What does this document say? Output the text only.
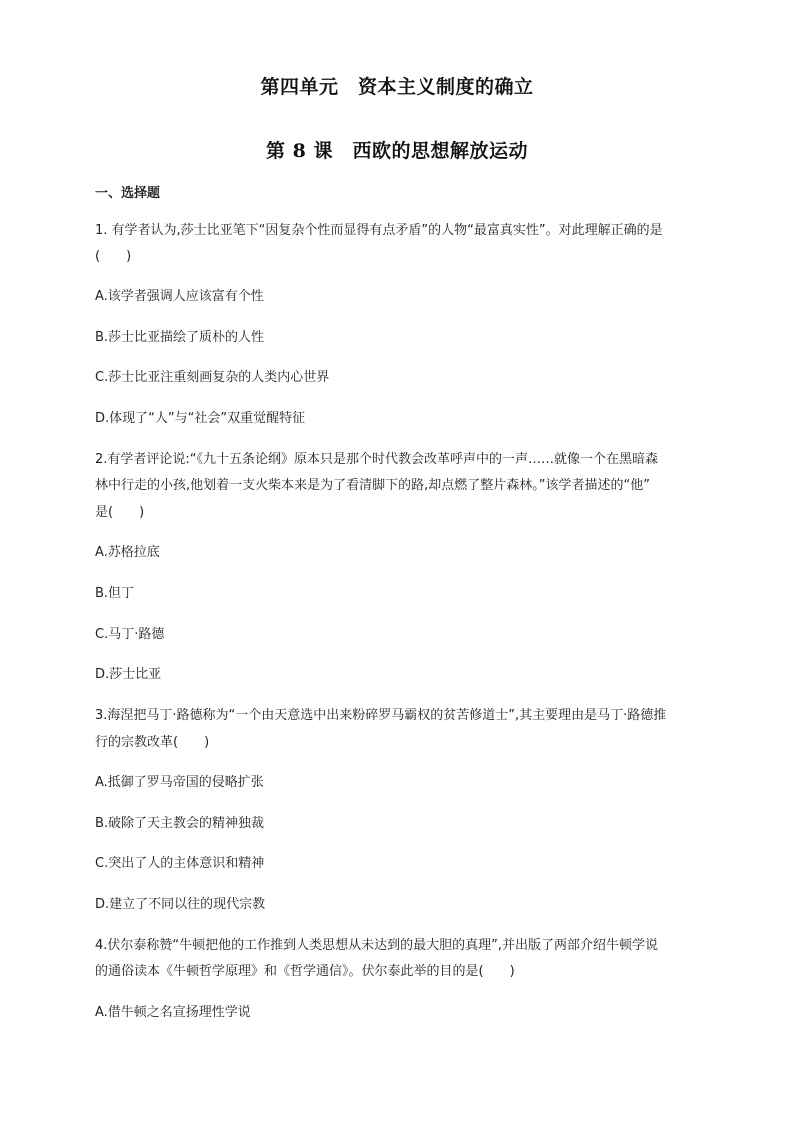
第四单元　资本主义制度的确立
第 8 课　西欧的思想解放运动
一、选择题
1. 有学者认为,莎士比亚笔下“因复杂个性而显得有点矛盾”的人物“最富真实性”。对此理解正确的是
(　　)
A.该学者强调人应该富有个性
B.莎士比亚描绘了质朴的人性
C.莎士比亚注重刻画复杂的人类内心世界
D.体现了“人”与“社会”双重觉醒特征
2.有学者评论说:“《九十五条论纲》原本只是那个时代教会改革呼声中的一声……就像一个在黑暗森
林中行走的小孩,他划着一支火柴本来是为了看清脚下的路,却点燃了整片森林。”该学者描述的“他”
是(　　)
A.苏格拉底
B.但丁
C.马丁·路德
D.莎士比亚
3.海涅把马丁·路德称为“一个由天意选中出来粉碎罗马霸权的贫苦修道士”,其主要理由是马丁·路德推
行的宗教改革(　　)
A.抵御了罗马帝国的侵略扩张
B.破除了天主教会的精神独裁
C.突出了人的主体意识和精神
D.建立了不同以往的现代宗教
4.伏尔泰称赞“牛顿把他的工作推到人类思想从未达到的最大胆的真理”,并出版了两部介绍牛顿学说
的通俗读本《牛顿哲学原理》和《哲学通信》。伏尔泰此举的目的是(　　)
A.借牛顿之名宣扬理性学说
